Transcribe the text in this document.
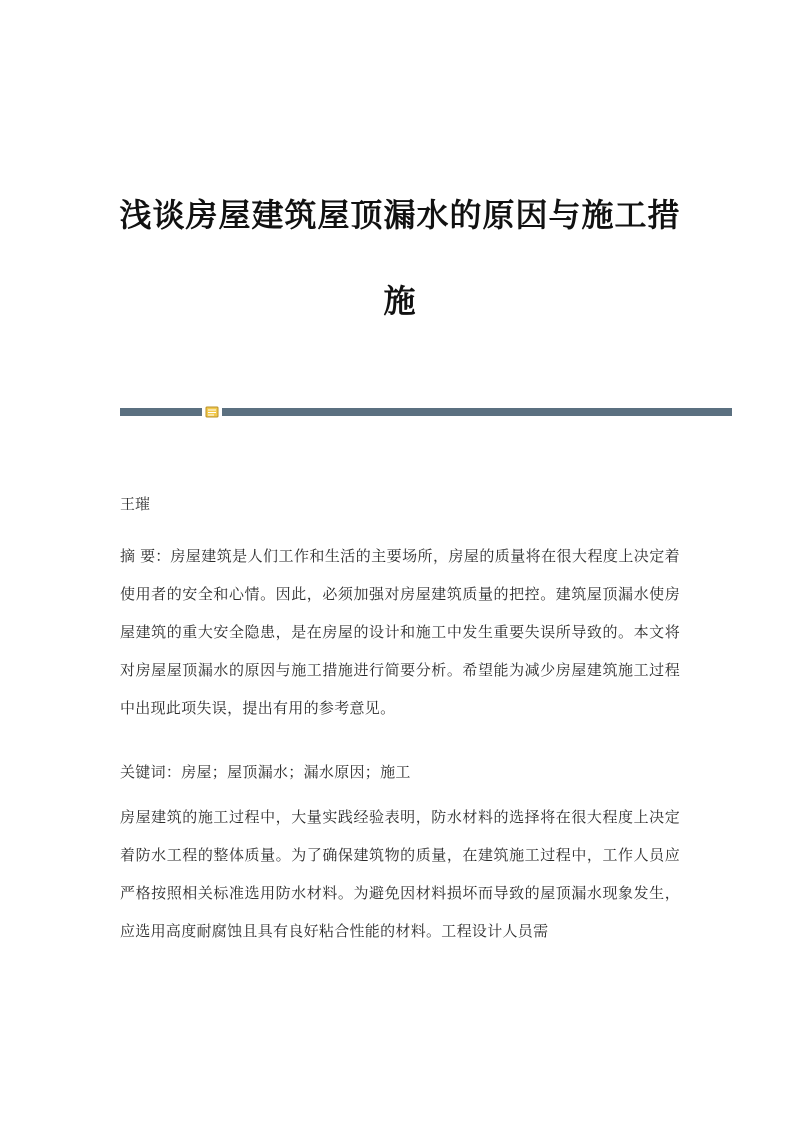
浅谈房屋建筑屋顶漏水的原因与施工措
施
王璀

摘 要：房屋建筑是人们工作和生活的主要场所，房屋的质量将在很大程度上决定着使用者的安全和心情。因此，必须加强对房屋建筑质量的把控。建筑屋顶漏水使房屋建筑的重大安全隐患，是在房屋的设计和施工中发生重要失误所导致的。本文将对房屋屋顶漏水的原因与施工措施进行简要分析。希望能为减少房屋建筑施工过程中出现此项失误，提出有用的参考意见。

关键词：房屋；屋顶漏水；漏水原因；施工

房屋建筑的施工过程中，大量实践经验表明，防水材料的选择将在很大程度上决定着防水工程的整体质量。为了确保建筑物的质量，在建筑施工过程中，工作人员应严格按照相关标准选用防水材料。为避免因材料损坏而导致的屋顶漏水现象发生，应选用高度耐腐蚀且具有良好粘合性能的材料。工程设计人员需
